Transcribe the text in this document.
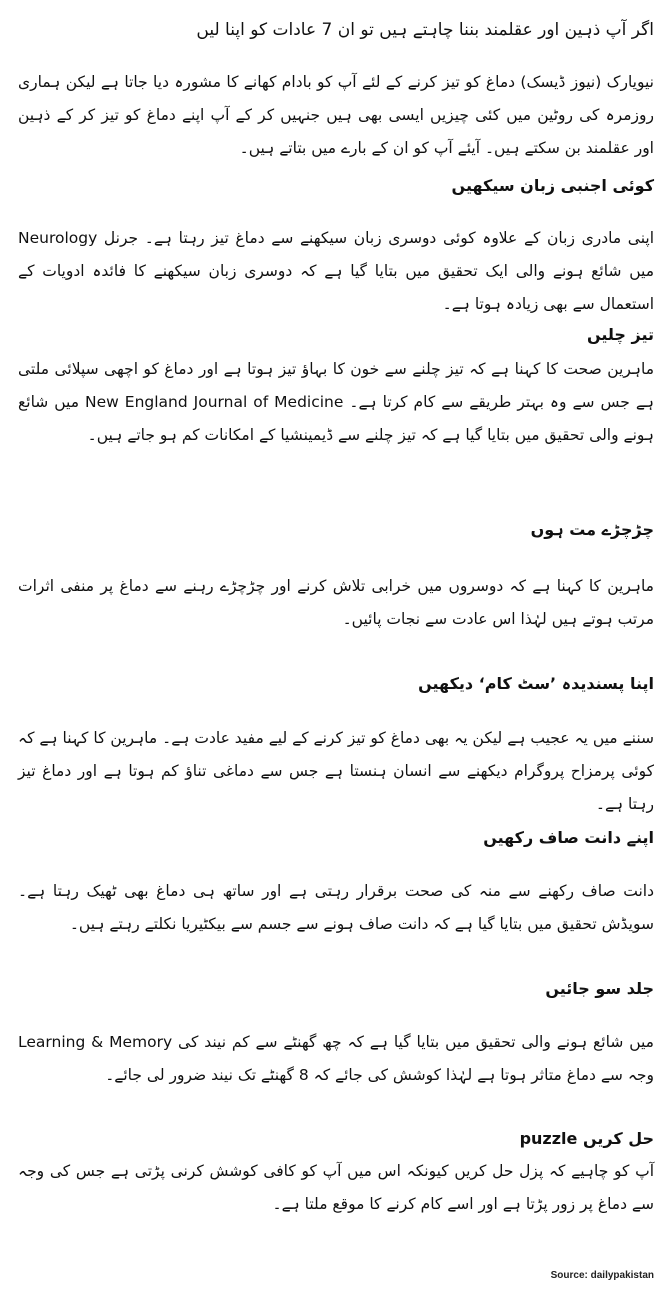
اگر آپ ذہین اور عقلمند بننا چاہتے ہیں تو ان 7 عادات کو اپنا لیں

نیویارک (نیوز ڈیسک) دماغ کو تیز کرنے کے لئے آپ کو بادام کھانے کا مشورہ دیا جاتا ہے لیکن ہماری روزمرہ کی روٹین میں کئی چیزیں ایسی بھی ہیں جنہیں کر کے آپ اپنے دماغ کو تیز کر کے ذہین اور عقلمند بن سکتے ہیں۔ آیئے آپ کو ان کے بارے میں بتاتے ہیں۔

کوئی اجنبی زبان سیکھیں

اپنی مادری زبان کے علاوہ کوئی دوسری زبان سیکھنے سے دماغ تیز رہتا ہے۔ جرنل Neurology میں شائع ہونے والی ایک تحقیق میں بتایا گیا ہے کہ دوسری زبان سیکھنے کا فائدہ ادویات کے استعمال سے بھی زیادہ ہوتا ہے۔

تیز چلیں

ماہرین صحت کا کہنا ہے کہ تیز چلنے سے خون کا بہاؤ تیز ہوتا ہے اور دماغ کو اچھی سپلائی ملتی ہے جس سے وہ بہتر طریقے سے کام کرتا ہے۔ New England Journal of Medicine میں شائع ہونے والی تحقیق میں بتایا گیا ہے کہ تیز چلنے سے ڈیمینشیا کے امکانات کم ہو جاتے ہیں۔

چڑچڑے مت ہوں

ماہرین کا کہنا ہے کہ دوسروں میں خرابی تلاش کرنے اور چڑچڑے رہنے سے دماغ پر منفی اثرات مرتب ہوتے ہیں لہٰذا اس عادت سے نجات پائیں۔

اپنا پسندیدہ ’سٹ کام‘ دیکھیں

سننے میں یہ عجیب ہے لیکن یہ بھی دماغ کو تیز کرنے کے لیے مفید عادت ہے۔ ماہرین کا کہنا ہے کہ کوئی پرمزاح پروگرام دیکھنے سے انسان ہنستا ہے جس سے دماغی تناؤ کم ہوتا ہے اور دماغ تیز رہتا ہے۔

اپنے دانت صاف رکھیں

دانت صاف رکھنے سے منہ کی صحت برقرار رہتی ہے اور ساتھ ہی دماغ بھی ٹھیک رہتا ہے۔ سویڈش تحقیق میں بتایا گیا ہے کہ دانت صاف ہونے سے جسم سے بیکٹیریا نکلتے رہتے ہیں۔

جلد سو جائیں

Learning & Memory میں شائع ہونے والی تحقیق میں بتایا گیا ہے کہ چھ گھنٹے سے کم نیند کی وجہ سے دماغ متاثر ہوتا ہے لہٰذا کوشش کی جائے کہ 8 گھنٹے تک نیند ضرور لی جائے۔

puzzle حل کریں

آپ کو چاہیے کہ پزل حل کریں کیونکہ اس میں آپ کو کافی کوشش کرنی پڑتی ہے جس کی وجہ سے دماغ پر زور پڑتا ہے اور اسے کام کرنے کا موقع ملتا ہے۔

Source: dailypakistan
